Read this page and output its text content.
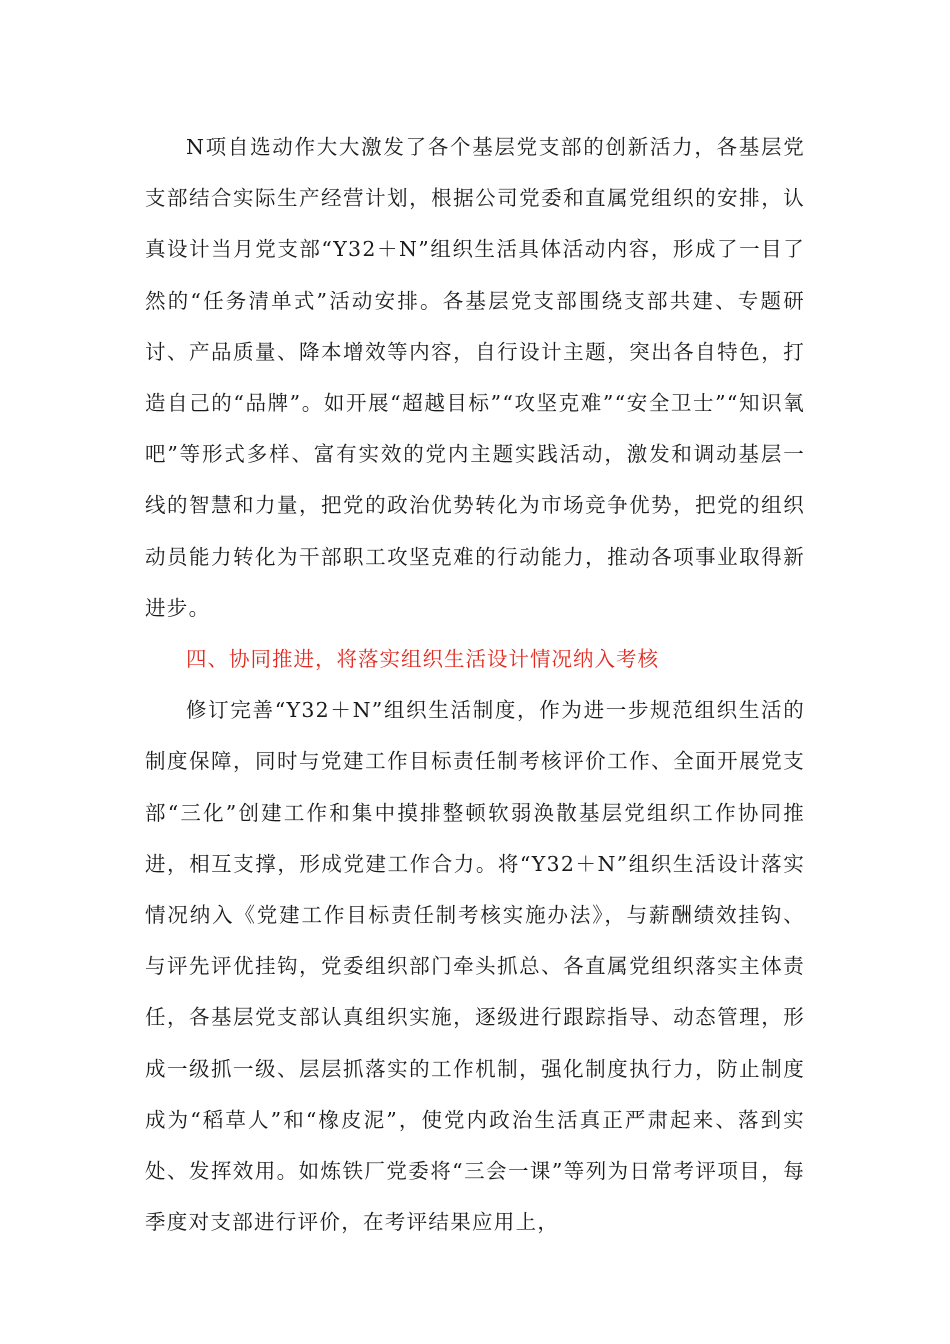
N项自选动作大大激发了各个基层党支部的创新活力，各基层党支部结合实际生产经营计划，根据公司党委和直属党组织的安排，认真设计当月党支部“Y32＋N”组织生活具体活动内容，形成了一目了然的“任务清单式”活动安排。各基层党支部围绕支部共建、专题研讨、产品质量、降本增效等内容，自行设计主题，突出各自特色，打造自己的“品牌”。如开展“超越目标”“攻坚克难”“安全卫士”“知识氧吧”等形式多样、富有实效的党内主题实践活动，激发和调动基层一线的智慧和力量，把党的政治优势转化为市场竞争优势，把党的组织动员能力转化为干部职工攻坚克难的行动能力，推动各项事业取得新进步。

四、协同推进，将落实组织生活设计情况纳入考核

修订完善“Y32＋N”组织生活制度，作为进一步规范组织生活的制度保障，同时与党建工作目标责任制考核评价工作、全面开展党支部“三化”创建工作和集中摸排整顿软弱涣散基层党组织工作协同推进，相互支撑，形成党建工作合力。将“Y32＋N”组织生活设计落实情况纳入《党建工作目标责任制考核实施办法》，与薪酬绩效挂钩、与评先评优挂钩，党委组织部门牵头抓总、各直属党组织落实主体责任，各基层党支部认真组织实施，逐级进行跟踪指导、动态管理，形成一级抓一级、层层抓落实的工作机制，强化制度执行力，防止制度成为“稻草人”和“橡皮泥”，使党内政治生活真正严肃起来、落到实处、发挥效用。如炼铁厂党委将“三会一课”等列为日常考评项目，每季度对支部进行评价，在考评结果应用上，
